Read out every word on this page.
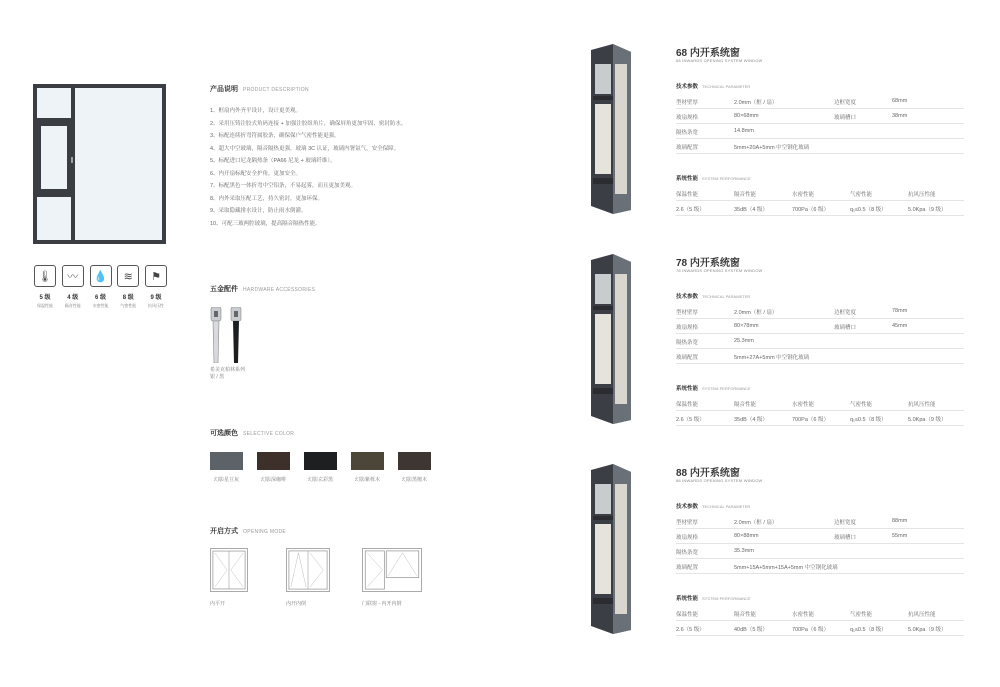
🌡
5 级
保温性能
〰
4 级
隔音性能
💧
6 级
水密性能
≋
8 级
气密性能
⚑
9 级
抗风压性
产品说明 PRODUCT DESCRIPTION
1、框扇内外齐平设计，设计更美观。
2、采用压铸注胶式角码连接 + 加强注胶组角片，确保屏角更加牢固、密封防水。
3、标配连续折弯符属胶条，确保保户气密性能更强。
4、超大中空玻璃，隔音隔热更强，玻璃 3C 认证，玻璃内署氩气，安全保障。
5、标配进口尼龙隔热条（PA66 尼龙 + 玻璃纤维）。
6、内开扇标配安全护角，更加安全。
7、标配黑色一体折弯中空铝条，不易起雾，而且更加美观。
8、内外采取压配工艺，持久密封，更加环保。
9、采取隐藏排水设计，防止雨水倒灌。
10、可配三玻两腔玻璃，提高隔音隔热性能。
五金配件 HARDWARE ACCESSORIES
希美克柏林系列
银 / 黑
可选颜色 SELECTIVE COLOR
幻影星豆灰	幻影深咖啡	幻影玄彩黑	幻影紫栎木	幻影黑檀木
开启方式 OPENING MODE
内平开	内开内倒	门联窗 - 内开内倒
68 内开系统窗
68 INWARDS OPENING SYSTEM WINDOW
技术参数 TECHNICAL PARAMETER
型材壁厚	2.0mm（框 / 扇）	边框宽度	68mm
玻扇规格	80×68mm	玻璃槽口	38mm
隔热条宽	14.8mm
玻璃配置	5mm+20A+5mm 中空钢化玻璃
系统性能 SYSTEM PERFORMANCE
保温性能	隔音性能	水密性能	气密性能	抗风压性能
2.6（5 级）	35dB（4 级）	700Pa（6 级）	q₁≤0.5（8 级）	5.0Kpa（9 级）
78 内开系统窗
78 INWARDS OPENING SYSTEM WINDOW
技术参数 TECHNICAL PARAMETER
型材壁厚	2.0mm（框 / 扇）	边框宽度	78mm
玻扇规格	80×78mm	玻璃槽口	45mm
隔热条宽	25.3mm
玻璃配置	5mm+27A+5mm 中空钢化玻璃
系统性能 SYSTEM PERFORMANCE
保温性能	隔音性能	水密性能	气密性能	抗风压性能
2.6（5 级）	35dB（4 级）	700Pa（6 级）	q₁≤0.5（8 级）	5.0Kpa（9 级）
88 内开系统窗
88 INWARDS OPENING SYSTEM WINDOW
技术参数 TECHNICAL PARAMETER
型材壁厚	2.0mm（框 / 扇）	边框宽度	88mm
玻扇规格	80×88mm	玻璃槽口	55mm
隔热条宽	35.3mm
玻璃配置	5mm+15A+5mm+15A+5mm 中空钢化玻璃
系统性能 SYSTEM PERFORMANCE
保温性能	隔音性能	水密性能	气密性能	抗风压性能
2.6（5 级）	40dB（5 级）	700Pa（6 级）	q₁≤0.5（8 级）	5.0Kpa（9 级）
